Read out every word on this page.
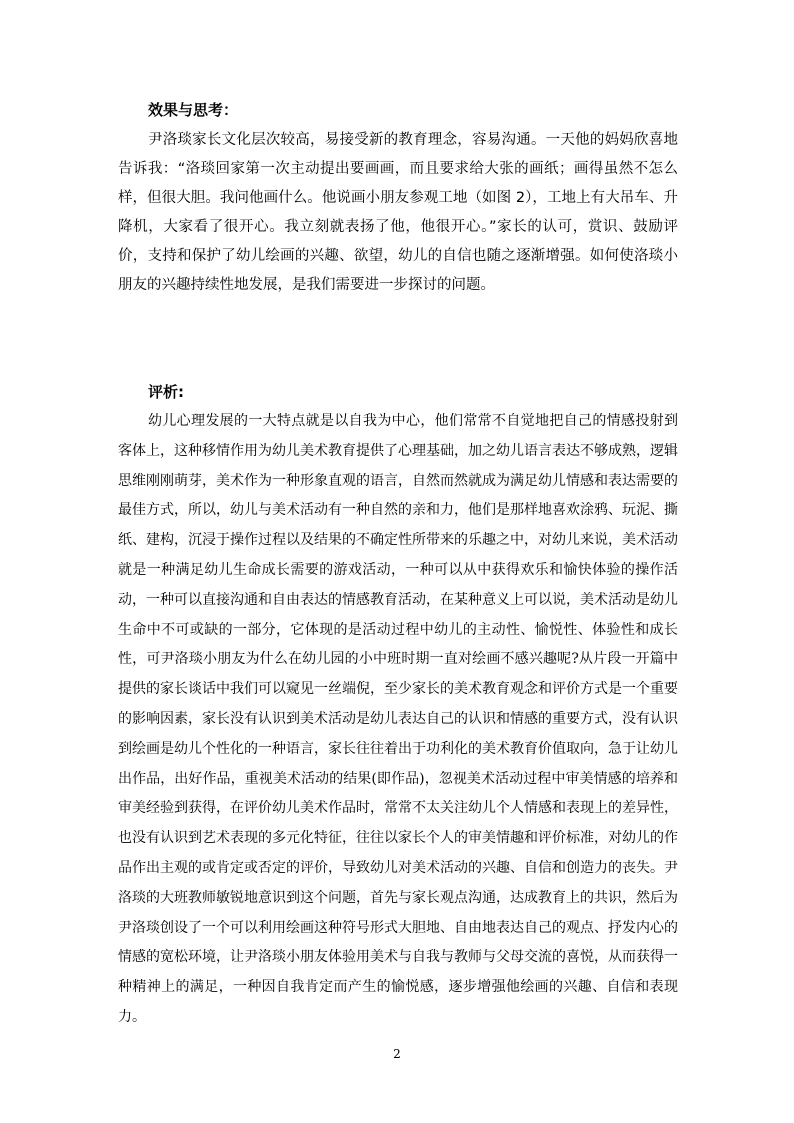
效果与思考：

尹洛琰家长文化层次较高，易接受新的教育理念，容易沟通。一天他的妈妈欣喜地告诉我：“洛琰回家第一次主动提出要画画，而且要求给大张的画纸；画得虽然不怎么样，但很大胆。我问他画什么。他说画小朋友参观工地（如图 2），工地上有大吊车、升降机，大家看了很开心。我立刻就表扬了他，他很开心。”家长的认可，赏识、鼓励评价，支持和保护了幼儿绘画的兴趣、欲望，幼儿的自信也随之逐渐增强。如何使洛琰小朋友的兴趣持续性地发展，是我们需要进一步探讨的问题。

评析:

幼儿心理发展的一大特点就是以自我为中心，他们常常不自觉地把自己的情感投射到客体上，这种移情作用为幼儿美术教育提供了心理基础，加之幼儿语言表达不够成熟，逻辑思维刚刚萌芽，美术作为一种形象直观的语言，自然而然就成为满足幼儿情感和表达需要的最佳方式，所以，幼儿与美术活动有一种自然的亲和力，他们是那样地喜欢涂鸦、玩泥、撕纸、建构，沉浸于操作过程以及结果的不确定性所带来的乐趣之中，对幼儿来说，美术活动就是一种满足幼儿生命成长需要的游戏活动，一种可以从中获得欢乐和愉快体验的操作活动，一种可以直接沟通和自由表达的情感教育活动，在某种意义上可以说，美术活动是幼儿生命中不可或缺的一部分，它体现的是活动过程中幼儿的主动性、愉悦性、体验性和成长性，可尹洛琰小朋友为什么在幼儿园的小中班时期一直对绘画不感兴趣呢?从片段一开篇中提供的家长谈话中我们可以窥见一丝端倪，至少家长的美术教育观念和评价方式是一个重要的影响因素，家长没有认识到美术活动是幼儿表达自己的认识和情感的重要方式，没有认识到绘画是幼儿个性化的一种语言，家长往往着出于功利化的美术教育价值取向，急于让幼儿出作品，出好作品，重视美术活动的结果(即作品)，忽视美术活动过程中审美情感的培养和审美经验到获得，在评价幼儿美术作品时，常常不太关注幼儿个人情感和表现上的差异性，也没有认识到艺术表现的多元化特征，往往以家长个人的审美情趣和评价标准，对幼儿的作品作出主观的或肯定或否定的评价，导致幼儿对美术活动的兴趣、自信和创造力的丧失。尹洛琰的大班教师敏锐地意识到这个问题，首先与家长观点沟通，达成教育上的共识，然后为尹洛琰创设了一个可以利用绘画这种符号形式大胆地、自由地表达自己的观点、抒发内心的情感的宽松环境，让尹洛琰小朋友体验用美术与自我与教师与父母交流的喜悦，从而获得一种精神上的满足，一种因自我肯定而产生的愉悦感，逐步增强他绘画的兴趣、自信和表现力。

2
